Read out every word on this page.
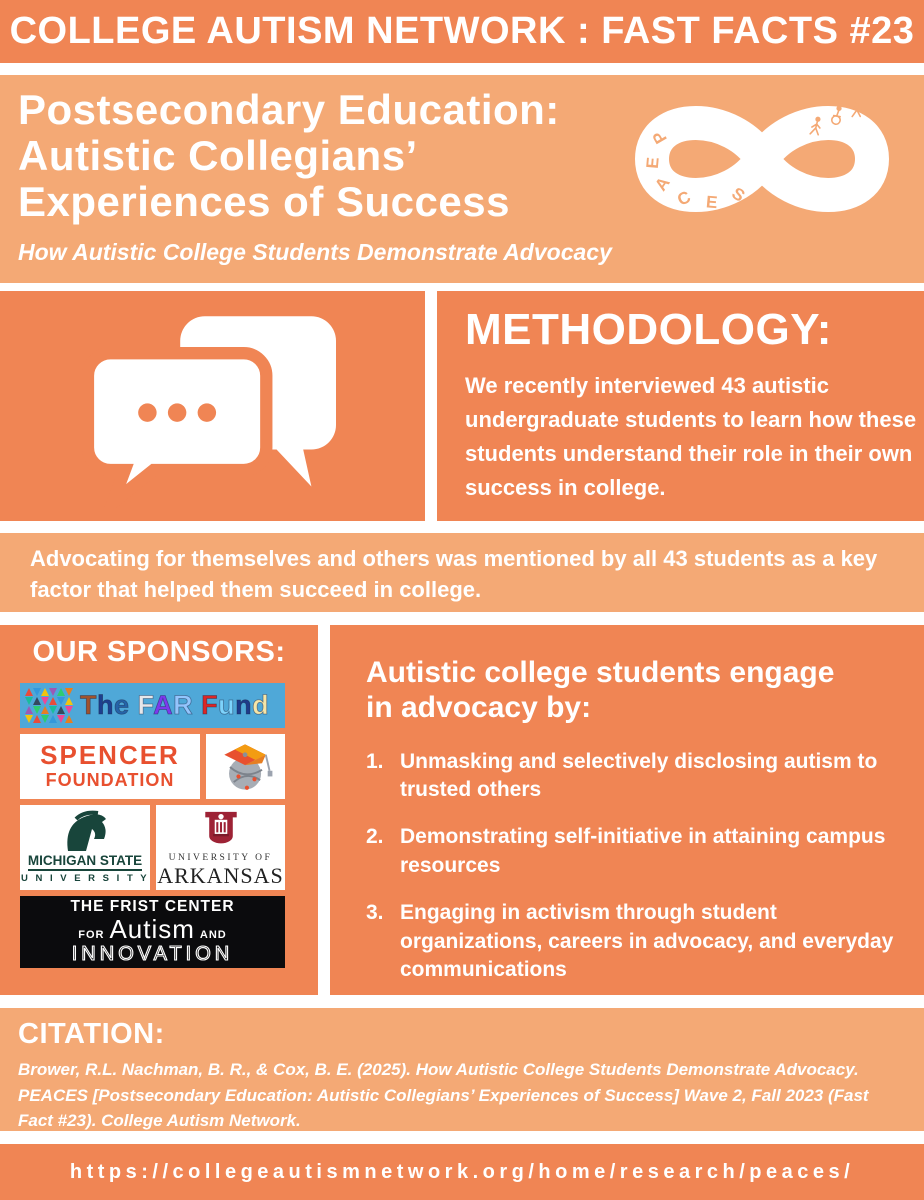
COLLEGE AUTISM NETWORK : FAST FACTS #23
Postsecondary Education:
Autistic Collegians’
Experiences of Success
How Autistic College Students Demonstrate Advocacy
P
E
A
C E S
METHODOLOGY:
We recently interviewed 43 autistic undergraduate students to learn how these students understand their role in their own success in college.

Advocating for themselves and others was mentioned by all 43 students as a key factor that helped them succeed in college.

OUR SPONSORS:
The FAR Fund
SPENCER
FOUNDATION
MICHIGAN STATE
U N I V E R S I T Y
UNIVERSITY OF
ARKANSAS
THE FRIST CENTER
FOR Autism AND
INNOVATION
Autistic college students engage
in advocacy by:
1. Unmasking and selectively disclosing autism to trusted others
2. Demonstrating self-initiative in attaining campus resources
3. Engaging in activism through student organizations, careers in advocacy, and everyday communications
CITATION:

Brower, R.L. Nachman, B. R., & Cox, B. E. (2025). How Autistic College Students Demonstrate Advocacy. PEACES [Postsecondary Education: Autistic Collegians’ Experiences of Success] Wave 2, Fall 2023 (Fast Fact #23). College Autism Network.

https://collegeautismnetwork.org/home/research/peaces/
